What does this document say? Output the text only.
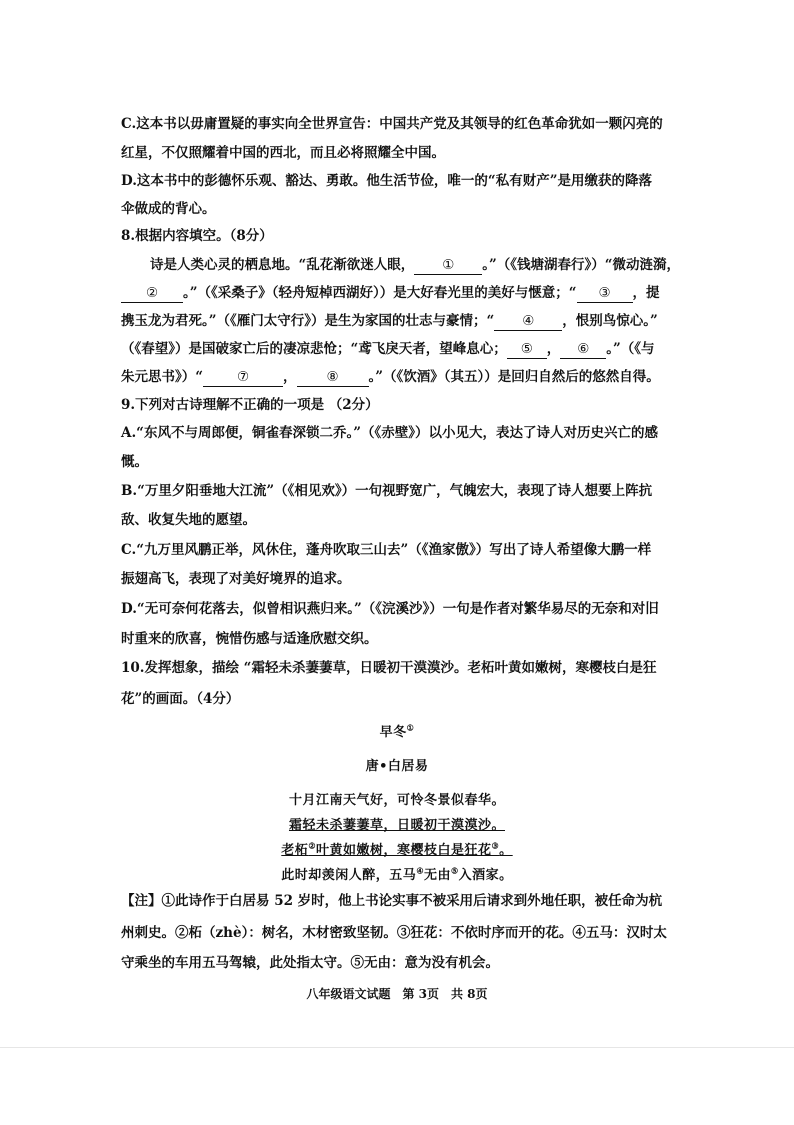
C.这本书以毋庸置疑的事实向全世界宣告：中国共产党及其领导的红色革命犹如一颗闪亮的
红星，不仅照耀着中国的西北，而且必将照耀全中国。
D.这本书中的彭德怀乐观、豁达、勇敢。他生活节俭，唯一的“私有财产”是用缴获的降落
伞做成的背心。
8.根据内容填空。（8分）
诗是人类心灵的栖息地。“乱花渐欲迷人眼， ① 。”（《钱塘湖春行》）“微动涟漪，
② 。”（《采桑子》（轻舟短棹西湖好））是大好春光里的美好与惬意；“ ③ ，提
携玉龙为君死。”（《雁门太守行》）是生为家国的壮志与豪情；“ ④ ，恨别鸟惊心。”
（《春望》）是国破家亡后的凄凉悲怆；“鸢飞戾天者，望峰息心； ⑤ ， ⑥ 。”（《与
朱元思书》）“	⑦	， ⑧ 。”（《饮酒》（其五））是回归自然后的悠然自得。
9.下列对古诗理解不正确的一项是 （2分）
A.“东风不与周郎便，铜雀春深锁二乔。”（《赤壁》）以小见大，表达了诗人对历史兴亡的感
慨。
B.“万里夕阳垂地大江流”（《相见欢》）一句视野宽广，气魄宏大，表现了诗人想要上阵抗
敌、收复失地的愿望。
C.“九万里风鹏正举，风休住，蓬舟吹取三山去”（《渔家傲》）写出了诗人希望像大鹏一样
振翅高飞，表现了对美好境界的追求。
D.“无可奈何花落去，似曾相识燕归来。”（《浣溪沙》）一句是作者对繁华易尽的无奈和对旧
时重来的欣喜，惋惜伤感与适逢欣慰交织。
10.发挥想象，描绘 “霜轻未杀萋萋草，日暖初干漠漠沙。老柘叶黄如嫩树，寒樱枝白是狂
花”的画面。（4分）
早冬①
唐•白居易
十月江南天气好，可怜冬景似春华。
霜轻未杀萋萋草，日暖初干漠漠沙。
老柘②叶黄如嫩树，寒樱枝白是狂花③。
此时却羡闲人醉，五马④无由⑤入酒家。
【注】①此诗作于白居易 52 岁时，他上书论实事不被采用后请求到外地任职，被任命为杭
州刺史。②柘（zhè）：树名，木材密致坚韧。③狂花：不依时序而开的花。④五马：汉时太
守乘坐的车用五马驾辕，此处指太守。⑤无由：意为没有机会。
八年级语文试题　第 3页　共 8页
